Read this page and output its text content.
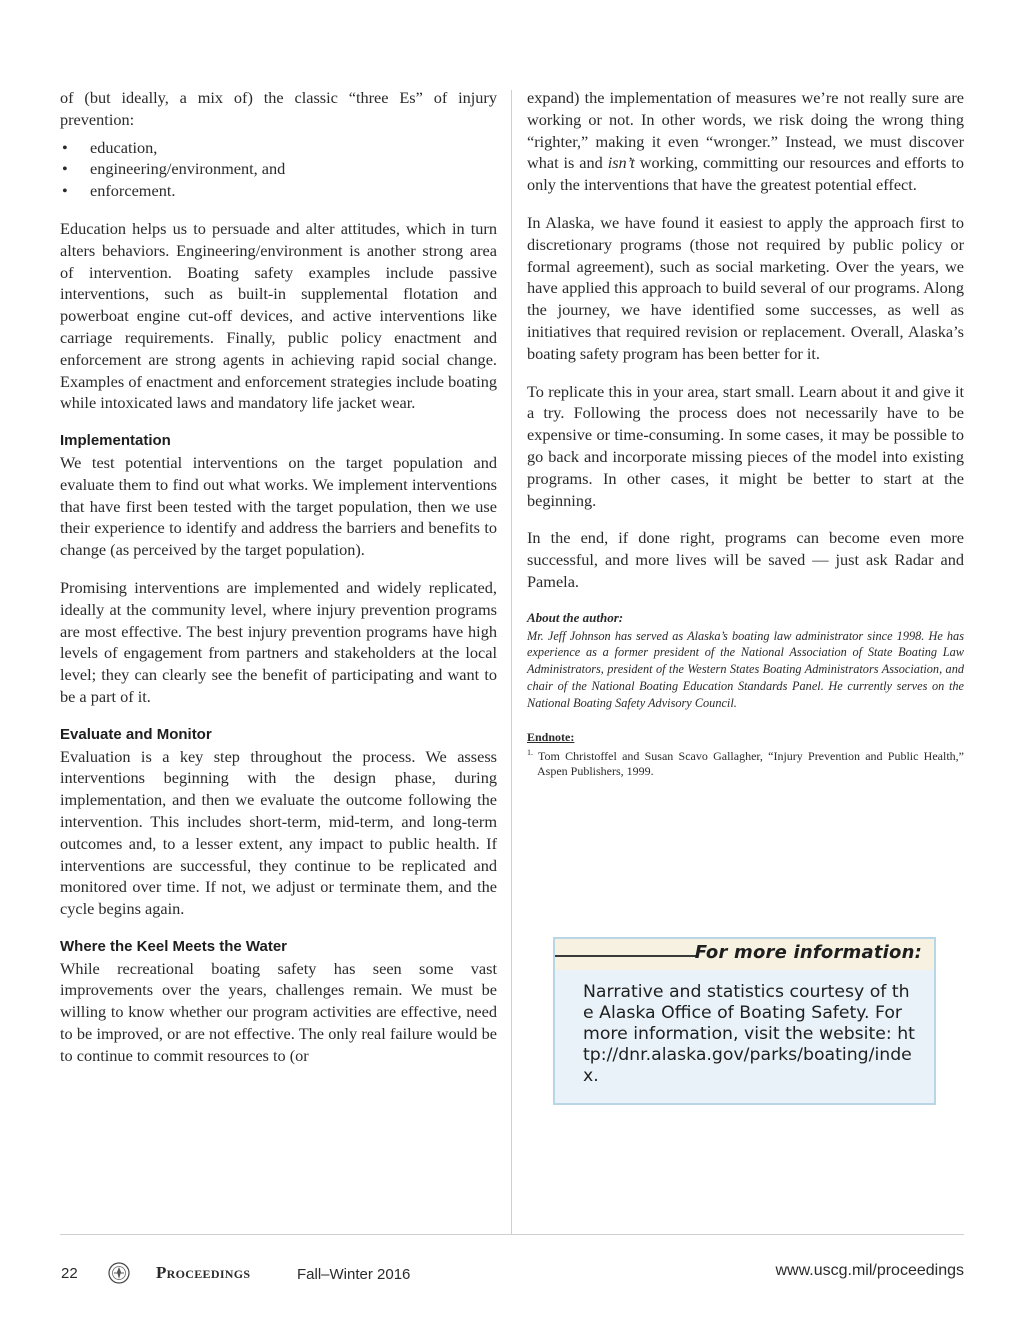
of (but ideally, a mix of) the classic “three Es” of injury prevention:

• education,
• engineering/environment, and
• enforcement.

Education helps us to persuade and alter attitudes, which in turn alters behaviors. Engineering/environment is another strong area of intervention. Boating safety examples include passive interventions, such as built-in supplemental flotation and powerboat engine cut-off devices, and active interventions like carriage requirements. Finally, public policy enactment and enforcement are strong agents in achieving rapid social change. Examples of enactment and enforcement strategies include boating while intoxicated laws and mandatory life jacket wear.

Implementation

We test potential interventions on the target population and evaluate them to find out what works. We implement interventions that have first been tested with the target population, then we use their experience to identify and address the barriers and benefits to change (as perceived by the target population).

Promising interventions are implemented and widely replicated, ideally at the community level, where injury prevention programs are most effective. The best injury prevention programs have high levels of engagement from partners and stakeholders at the local level; they can clearly see the benefit of participating and want to be a part of it.

Evaluate and Monitor

Evaluation is a key step throughout the process. We assess interventions beginning with the design phase, during implementation, and then we evaluate the outcome following the intervention. This includes short-term, mid-term, and long-term outcomes and, to a lesser extent, any impact to public health. If interventions are successful, they continue to be replicated and monitored over time. If not, we adjust or terminate them, and the cycle begins again.

Where the Keel Meets the Water

While recreational boating safety has seen some vast improvements over the years, challenges remain. We must be willing to know whether our program activities are effective, need to be improved, or are not effective. The only real failure would be to continue to commit resources to (or

expand) the implementation of measures we’re not really sure are working or not. In other words, we risk doing the wrong thing “righter,” making it even “wronger.” Instead, we must discover what is and isn’t working, committing our resources and efforts to only the interventions that have the greatest potential effect.

In Alaska, we have found it easiest to apply the approach first to discretionary programs (those not required by public policy or formal agreement), such as social marketing. Over the years, we have applied this approach to build several of our programs. Along the journey, we have identified some successes, as well as initiatives that required revision or replacement. Overall, Alaska’s boating safety program has been better for it.

To replicate this in your area, start small. Learn about it and give it a try. Following the process does not necessarily have to be expensive or time-consuming. In some cases, it may be possible to go back and incorporate missing pieces of the model into existing programs. In other cases, it might be better to start at the beginning.

In the end, if done right, programs can become even more successful, and more lives will be saved — just ask Radar and Pamela.

About the author:

Mr. Jeff Johnson has served as Alaska’s boating law administrator since 1998. He has experience as a former president of the National Association of State Boating Law Administrators, president of the Western States Boating Administrators Association, and chair of the National Boating Education Standards Panel. He currently serves on the National Boating Safety Advisory Council.

Endnote:

$^{1.}$ Tom Christoffel and Susan Scavo Gallagher, “Injury Prevention and Public Health,” Aspen Publishers, 1999.

For more information:
Narrative and statistics courtesy of the Alaska Office of Boating Safety. For more information, visit the website: http://dnr.alaska.gov/parks/boating/index.
22	Proceedings	Fall–Winter 2016	www.uscg.mil/proceedings
